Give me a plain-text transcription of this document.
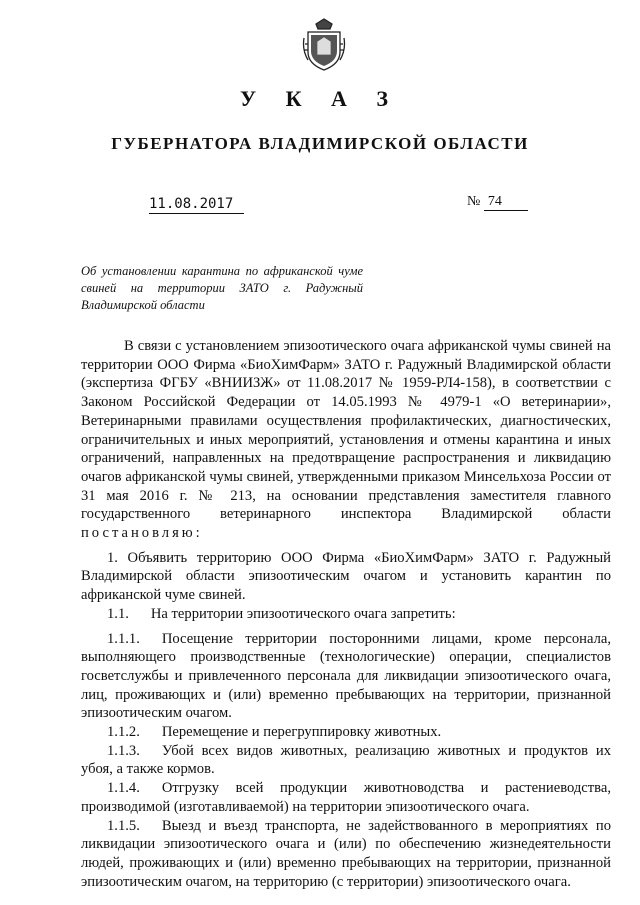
У К А З
ГУБЕРНАТОРА ВЛАДИМИРСКОЙ ОБЛАСТИ
11.08.2017	№ 74
Об установлении карантина по африканской чуме свиней на территории ЗАТО г. Радужный Владимирской области

В связи с установлением эпизоотического очага африканской чумы свиней на территории ООО Фирма «БиоХимФарм» ЗАТО г. Радужный Владимирской области (экспертиза ФГБУ «ВНИИЗЖ» от 11.08.2017 № 1959-РЛ4-158), в соответствии с Законом Российской Федерации от 14.05.1993 № 4979-1 «О ветеринарии», Ветеринарными правилами осуществления профилактических, диагностических, ограничительных и иных мероприятий, установления и отмены карантина и иных ограничений, направленных на предотвращение распространения и ликвидацию очагов африканской чумы свиней, утвержденными приказом Минсельхоза России от 31 мая 2016 г. № 213, на основании представления заместителя главного государственного ветеринарного инспектора Владимирской области постановляю:

1. Объявить территорию ООО Фирма «БиоХимФарм» ЗАТО г. Радужный Владимирской области эпизоотическим очагом и установить карантин по африканской чуме свиней.

1.1. На территории эпизоотического очага запретить:

1.1.1. Посещение территории посторонними лицами, кроме персонала, выполняющего производственные (технологические) операции, специалистов госветслужбы и привлеченного персонала для ликвидации эпизоотического очага, лиц, проживающих и (или) временно пребывающих на территории, признанной эпизоотическим очагом.

1.1.2. Перемещение и перегруппировку животных.

1.1.3. Убой всех видов животных, реализацию животных и продуктов их убоя, а также кормов.

1.1.4. Отгрузку всей продукции животноводства и растениеводства, производимой (изготавливаемой) на территории эпизоотического очага.

1.1.5. Выезд и въезд транспорта, не задействованного в мероприятиях по ликвидации эпизоотического очага и (или) по обеспечению жизнедеятельности людей, проживающих и (или) временно пребывающих на территории, признанной эпизоотическим очагом, на территорию (с территории) эпизоотического очага.
